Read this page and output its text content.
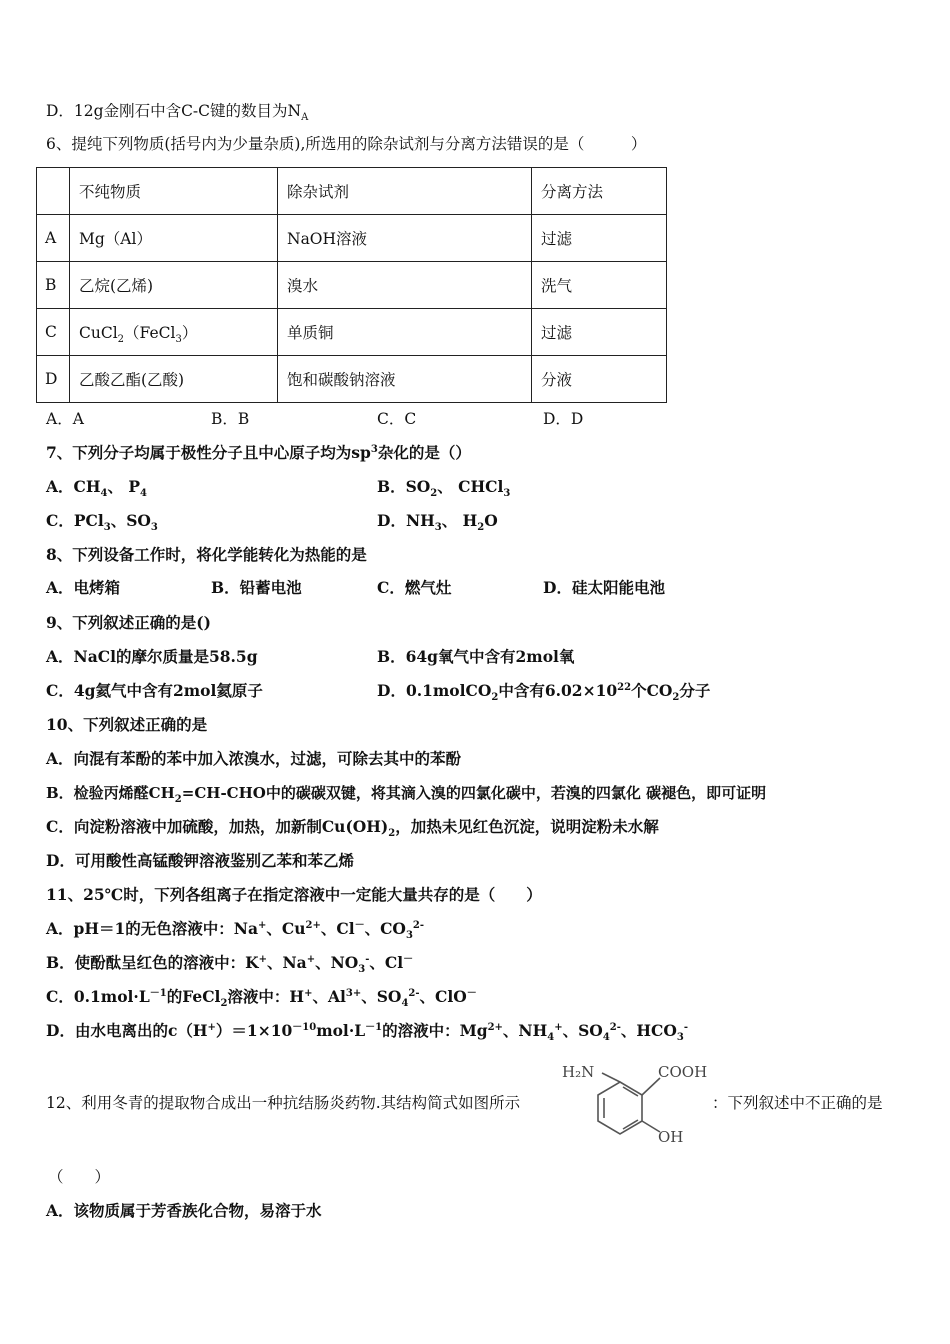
D．12g金刚石中含C-C键的数目为$N_A$
6、提纯下列物质(括号内为少量杂质),所选用的除杂试剂与分离方法错误的是（　　　）
	不纯物质	除杂试剂	分离方法
A	Mg（Al）	NaOH溶液	过滤
B	乙烷(乙烯)	溴水	洗气
C	CuCl$_2$（FeCl$_3$）	单质铜	过滤
D	乙酸乙酯(乙酸)	饱和碳酸钠溶液	分液
A．A	B．B	C．C	D．D
7、下列分子均属于极性分子且中心原子均为$sp^3$杂化的是（）
A．$CH_4$、 $P_4$	B．$SO_2$、 CHCl$_3$
C．PCl$_3$、$SO_3$	D．$NH_3$、 $H_2O$
8、下列设备工作时，将化学能转化为热能的是
A．电烤箱	B．铅蓄电池	C．燃气灶	D．硅太阳能电池
9、下列叙述正确的是()
A．NaCl的摩尔质量是58.5g	B．64g氧气中含有2mol氧
C．4g氦气中含有2mol氦原子	D．0.1molCO$_2$中含有$6.02\times 10^{22}$个$CO_2$分子
10、下列叙述正确的是
A．向混有苯酚的苯中加入浓溴水，过滤，可除去其中的苯酚
B．检验丙烯醛$CH_2=CH$-CHO中的碳碳双键，将其滴入溴的四氯化碳中，若溴的四氯化 碳褪色，即可证明
C．向淀粉溶液中加硫酸，加热，加新制$Cu(OH)_2$，加热未见红色沉淀，说明淀粉未水解
D．可用酸性高锰酸钾溶液鉴别乙苯和苯乙烯
11、25℃时，下列各组离子在指定溶液中一定能大量共存的是（　　）
A．pH＝1的无色溶液中：Na+、$Cu^{2+}$、Cl－、$CO_3^{2-}$
B．使酚酞呈红色的溶液中：K+、Na+、$NO_3^-$、Cl－
C．$0.1mol\cdot L^{-1}$的FeCl$_2$溶液中：H+、$Al^{3+}$、$SO_4^{2-}$、ClO－
D．由水电离出的$c(H^+)=1\times 10^{-10}mol\cdot L^{-1}$的溶液中：$Mg^{2+}$、$NH_4^+$、$SO_4^{2-}$、$HCO_3^-$
12、利用冬青的提取物合成出一种抗结肠炎药物.其结构简式如图所示
H₂N	COOH
OH
：下列叙述中不正确的是
（　　）
A．该物质属于芳香族化合物，易溶于水
